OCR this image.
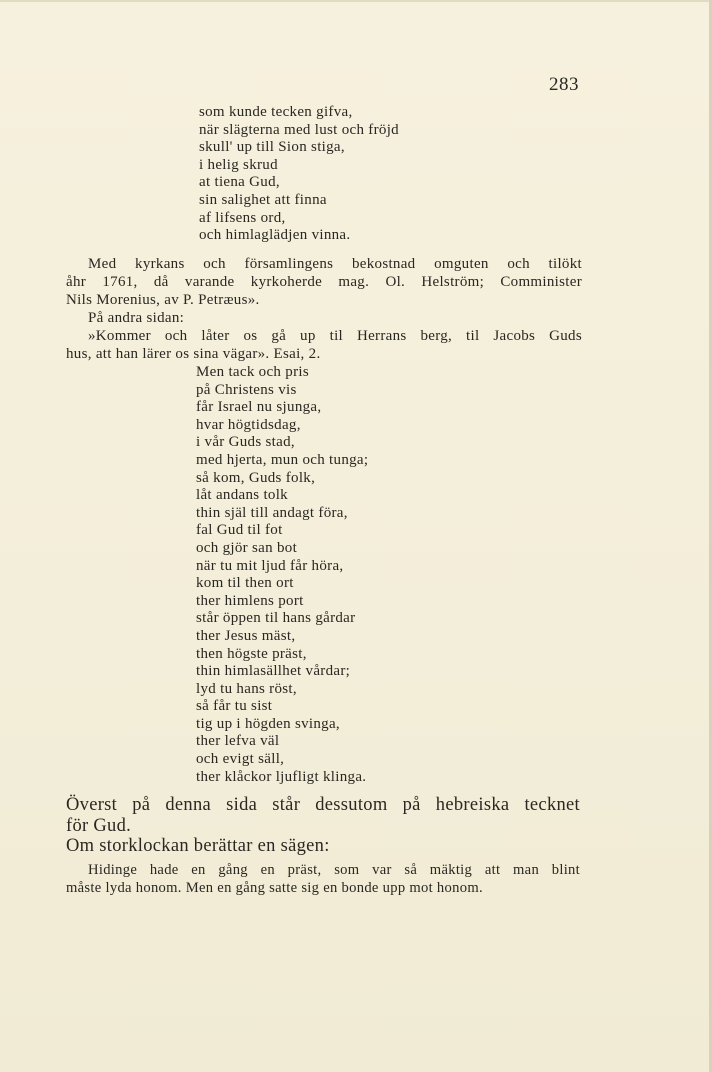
283
som kunde tecken gifva,
när slägterna med lust och fröjd
skull' up till Sion stiga,
i helig skrud
at tiena Gud,
sin salighet att finna
af lifsens ord,
och himlaglädjen vinna.
Med kyrkans och församlingens bekostnad omguten och tilökt
åhr 1761, då varande kyrkoherde mag. Ol. Helström; Comminister
Nils Morenius, av P. Petræus».
På andra sidan:
»Kommer och låter os gå up til Herrans berg, til Jacobs Guds
hus, att han lärer os sina vägar». Esai, 2.
Men tack och pris
på Christens vis
får Israel nu sjunga,
hvar högtidsdag,
i vår Guds stad,
med hjerta, mun och tunga;
så kom, Guds folk,
låt andans tolk
thin själ till andagt föra,
fal Gud til fot
och gjör san bot
när tu mit ljud får höra,
kom til then ort
ther himlens port
står öppen til hans gårdar
ther Jesus mäst,
then högste präst,
thin himlasällhet vårdar;
lyd tu hans röst,
så får tu sist
tig up i högden svinga,
ther lefva väl
och evigt säll,
ther klåckor ljufligt klinga.
Överst på denna sida står dessutom på hebreiska tecknet
för Gud.
Om storklockan berättar en sägen:
Hidinge hade en gång en präst, som var så mäktig att man blint
måste lyda honom. Men en gång satte sig en bonde upp mot honom.
